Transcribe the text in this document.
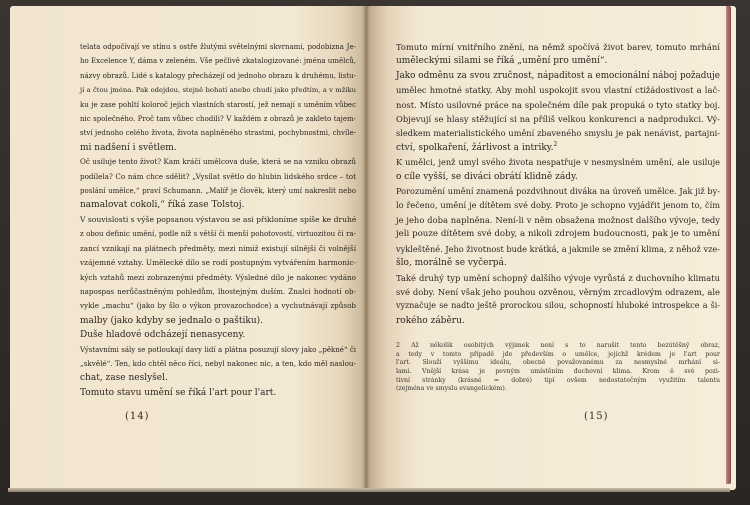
telata odpočívají ve stínu s ostře žlutými světelnými skvrnami, podobizna Je-

ho Excelence Y, dáma v zeleném. Vše pečlivě zkatalogizované: jména umělců,

názvy obrazů. Lidé s katalogy přecházejí od jednoho obrazu k druhému, listu-

jí a čtou jména. Pak odejdou, stejně bohatí anebo chudí jako předtím, a v mžiku

ku je zase pohltí koloroč jejich vlastních starostí, jež nemají s uměním vůbec

nic společného. Proč tam vůbec chodili? V každém z obrazů je zakleto tajem-

ství jednoho celého života, života naplněného strastmi, pochybnostmi, chvíle-

mi nadšení i světlem.

Oč usiluje tento život? Kam kráčí umělcova duše, která se na vzniku obrazů

podílela? Co nám chce sdělit? „Vysílat světlo do hlubin lidského srdce – tot

poslání umělce,“ praví Schumann. „Malíř je člověk, který umí nakreslit nebo

namalovat cokoli,“ říká zase Tolstoj.

V souvislosti s výše popsanou výstavou se asi přikloníme spíše ke druhé

z obou definic umění, podle níž s větší či menší pohotovostí, virtuozitou či ra-

zancí vznikají na plátnech předměty, mezi nimiž existují silnější či volnější

vzájemné vztahy. Umělecké dílo se rodí postupným vytvářením harmonic-

kých vztahů mezi zobrazenými předměty. Výsledné dílo je nakonec vydáno

napospas nerůčastněným pohledům, lhostejným duším. Znalci hodnotí ob-

vykle „machu“ (jako by šlo o výkon provazochodce) a vychutnávají způsob

malby (jako kdyby se jednalo o paštiku).

Duše hladové odcházejí nenasyceny.

Výstavními sály se potloukají davy lidí a plátna posuzují slovy jako „pěkné“ či

„skvělé“. Ten, kdo chtěl něco říci, nebyl nakonec nic, a ten, kdo měl naslou-

chat, zase neslyšel.

Tomuto stavu umění se říká l'art pour l'art.

(14)

Tomuto mírní vnitřního znění, na němž spočívá život barev, tomuto mrhání

uměleckými silami se říká „umění pro umění“.

Jako odměnu za svou zručnost, nápaditost a emocionální náboj požaduje

umělec hmotné statky. Aby mohl uspokojit svou vlastní ctižádostivost a lač-

nost. Místo usilovné práce na společném díle pak propuká o tyto statky boj.

Objevují se hlasy stěžující si na příliš velkou konkurenci a nadprodukci. Vý-

sledkem materialistického umění zbaveného smyslu je pak nenávist, partajni-

ctví, spolkaření, žárlivost a intriky.$^2$

K umělci, jenž umyl svého života nespatřuje v nesmyslném umění, ale usiluje

o cíle vyšší, se diváci obrátí klidně zády.

Porozumění umění znamená pozdvihnout diváka na úroveň umělce. Jak již by-

lo řečeno, umění je dítětem své doby. Proto je schopno vyjádřit jenom to, čím

je jeho doba naplněna. Není-li v něm obsažena možnost dalšího vývoje, tedy

jeli pouze dítětem své doby, a nikoli zdrojem budoucnosti, pak je to umění

vykleštěné. Jeho životnost bude krátká, a jakmile se změní klima, z něhož vze-

šlo, morálně se vyčerpá.

Také druhý typ umění schopný dalšího vývoje vyrůstá z duchovního klimatu

své doby. Není však jeho pouhou ozvěnou, věrným zrcadlovým odrazem, ale

vyznačuje se nadto ještě prorockou silou, schopností hluboké introspekce a ši-

rokého záběru.

2 Až několik osobitých výjimek není s to narušit tento bezútěšný obraz,

a tedy v tomto případě jde především o umělce, jejichž krédem je l'art pour

l'art. Slouží vyššímu ideálu, obecně považovanému za nesmyslné mrhání si-

lami. Vnější krása je pevným umístěním duchovní klima. Krom ě své pozi-

tivní stránky (krásné = dobré) tipí ovšem nedostatečným využitím talentu

(zejména ve smyslu evangelickém).

(15)
